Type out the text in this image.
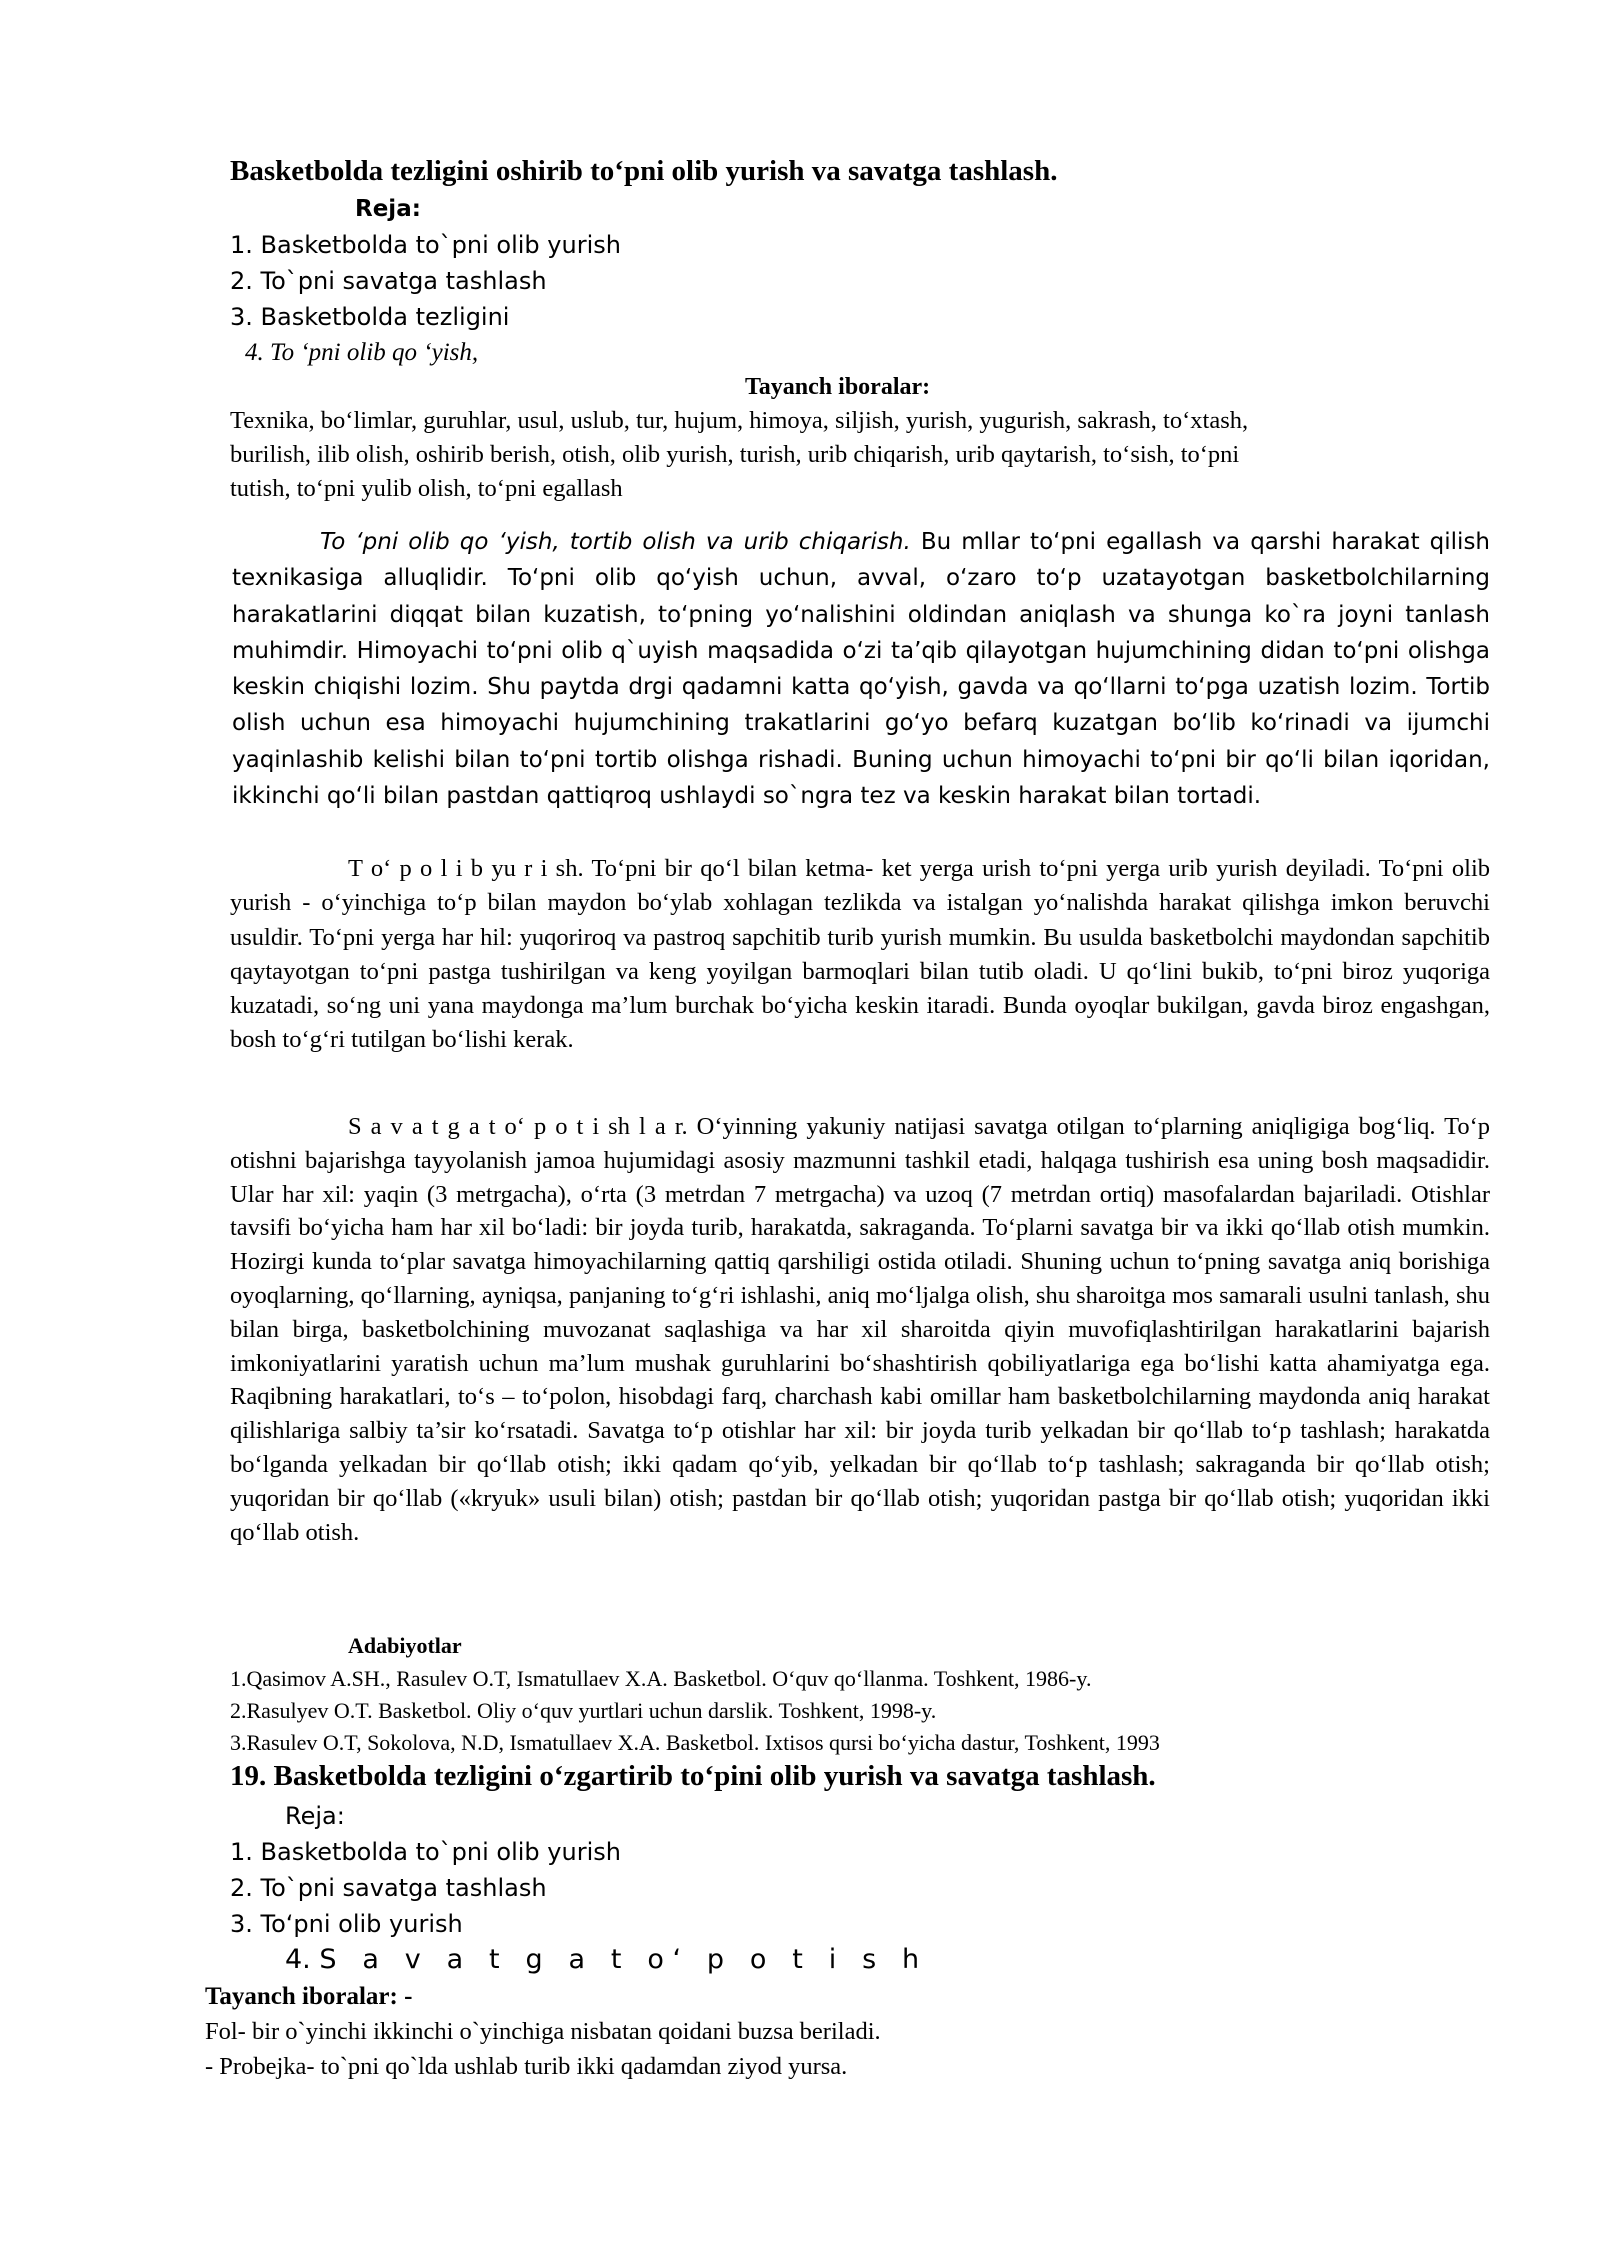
Basketbolda tezligini oshirib to‘pni olib yurish va savatga tashlash.
Reja:
1. Basketbolda to`pni olib yurish
2. To`pni savatga tashlash
3. Basketbolda tezligini
4. To ‘pni olib qo ‘yish,
Tayanch iboralar:
Texnika, bo‘limlar, guruhlar, usul, uslub, tur, hujum, himoya, siljish, yurish, yugurish, sakrash, to‘xtash,
burilish, ilib olish, oshirib berish, otish, olib yurish, turish, urib chiqarish, urib qaytarish, to‘sish, to‘pni
tutish, to‘pni yulib olish, to‘pni egallash
To ‘pni olib qo ‘yish, tortib olish va urib chiqarish. Bu mllar to‘pni egallash va qarshi harakat qilish texnikasiga alluqlidir. To‘pni olib qo‘yish uchun, avval, o‘zaro to‘p uzatayotgan basketbolchilarning harakatlarini diqqat bilan kuzatish, to‘pning yo‘nalishini oldindan aniqlash va shunga ko`ra joyni tanlash muhimdir. Himoyachi to‘pni olib q`uyish maqsadida o‘zi ta’qib qilayotgan hujumchining didan to‘pni olishga keskin chiqishi lozim. Shu paytda drgi qadamni katta qo‘yish, gavda va qo‘llarni to‘pga uzatish lozim. Tortib olish uchun esa himoyachi hujumchining trakatlarini go‘yo befarq kuzatgan bo‘lib ko‘rinadi va ijumchi yaqinlashib kelishi bilan to‘pni tortib olishga rishadi. Buning uchun himoyachi to‘pni bir qo‘li bilan iqoridan, ikkinchi qo‘li bilan pastdan qattiqroq ushlaydi so`ngra tez va keskin harakat bilan tortadi.
T o‘ p o l i b yu r i sh. To‘pni bir qo‘l bilan ketma- ket yerga urish to‘pni yerga urib yurish deyiladi. To‘pni olib yurish - o‘yinchiga to‘p bilan maydon bo‘ylab xohlagan tezlikda va istalgan yo‘nalishda harakat qilishga imkon beruvchi usuldir. To‘pni yerga har hil: yuqoriroq va pastroq sapchitib turib yurish mumkin. Bu usulda basketbolchi maydondan sapchitib qaytayotgan to‘pni pastga tushirilgan va keng yoyilgan barmoqlari bilan tutib oladi. U qo‘lini bukib, to‘pni biroz yuqoriga kuzatadi, so‘ng uni yana maydonga ma’lum burchak bo‘yicha keskin itaradi. Bunda oyoqlar bukilgan, gavda biroz engashgan, bosh to‘g‘ri tutilgan bo‘lishi kerak.
S a v a t g a t o‘ p o t i sh l a r. O‘yinning yakuniy natijasi savatga otilgan to‘plarning aniqligiga bog‘liq. To‘p otishni bajarishga tayyolanish jamoa hujumidagi asosiy mazmunni tashkil etadi, halqaga tushirish esa uning bosh maqsadidir. Ular har xil: yaqin (3 metrgacha), o‘rta (3 metrdan 7 metrgacha) va uzoq (7 metrdan ortiq) masofalardan bajariladi. Otishlar tavsifi bo‘yicha ham har xil bo‘ladi: bir joyda turib, harakatda, sakraganda. To‘plarni savatga bir va ikki qo‘llab otish mumkin. Hozirgi kunda to‘plar savatga himoyachilarning qattiq qarshiligi ostida otiladi. Shuning uchun to‘pning savatga aniq borishiga oyoqlarning, qo‘llarning, ayniqsa, panjaning to‘g‘ri ishlashi, aniq mo‘ljalga olish, shu sharoitga mos samarali usulni tanlash, shu bilan birga, basketbolchining muvozanat saqlashiga va har xil sharoitda qiyin muvofiqlashtirilgan harakatlarini bajarish imkoniyatlarini yaratish uchun ma’lum mushak guruhlarini bo‘shashtirish qobiliyatlariga ega bo‘lishi katta ahamiyatga ega. Raqibning harakatlari, to‘s – to‘polon, hisobdagi farq, charchash kabi omillar ham basketbolchilarning maydonda aniq harakat qilishlariga salbiy ta’sir ko‘rsatadi. Savatga to‘p otishlar har xil: bir joyda turib yelkadan bir qo‘llab to‘p tashlash; harakatda bo‘lganda yelkadan bir qo‘llab otish; ikki qadam qo‘yib, yelkadan bir qo‘llab to‘p tashlash; sakraganda bir qo‘llab otish; yuqoridan bir qo‘llab («kryuk» usuli bilan) otish; pastdan bir qo‘llab otish; yuqoridan pastga bir qo‘llab otish; yuqoridan ikki qo‘llab otish.
Adabiyotlar
1.Qasimov A.SH., Rasulev O.T, Ismatullaev X.A. Basketbol. O‘quv qo‘llanma. Toshkent, 1986-y.
2.Rasulyev O.T. Basketbol. Oliy o‘quv yurtlari uchun darslik. Toshkent, 1998-y.
3.Rasulev O.T, Sokolova, N.D, Ismatullaev X.A. Basketbol. Ixtisos qursi bo‘yicha dastur, Toshkent, 1993
19. Basketbolda tezligini o‘zgartirib to‘pini olib yurish va savatga tashlash.
Reja:
1. Basketbolda to`pni olib yurish
2. To`pni savatga tashlash
3. To‘pni olib yurish
4. S a v a t g a t o‘ p o t i s h
Tayanch iboralar: -
Fol- bir o`yinchi ikkinchi o`yinchiga nisbatan qoidani buzsa beriladi.
- Probejka- to`pni qo`lda ushlab turib ikki qadamdan ziyod yursa.
